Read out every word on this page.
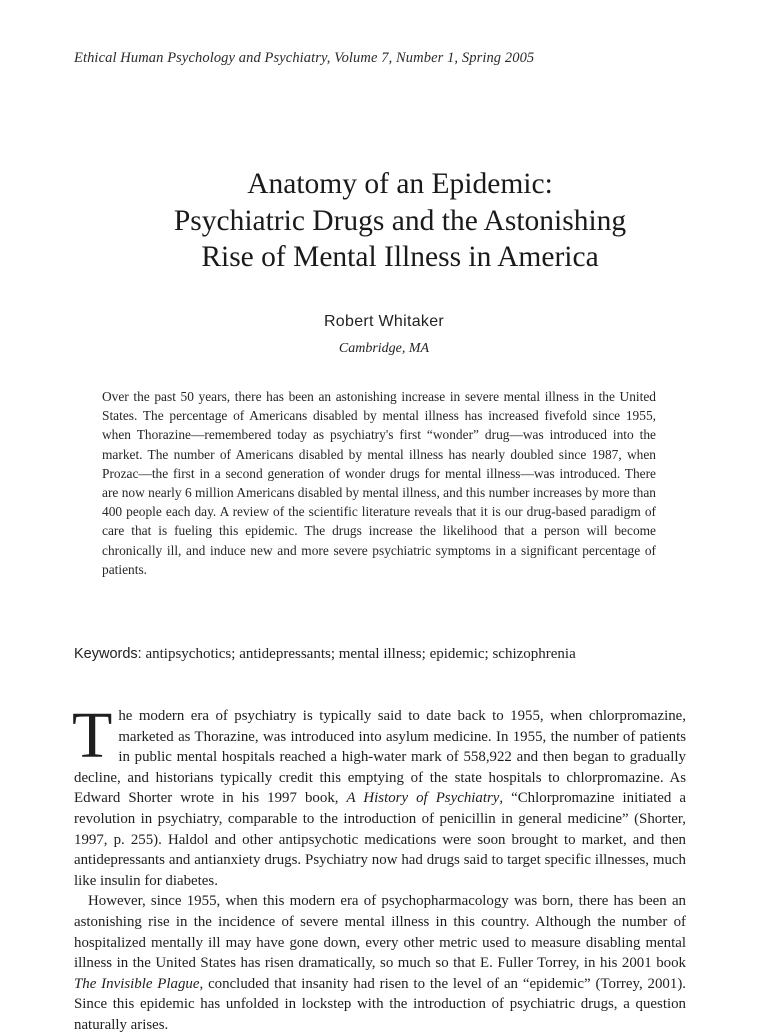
Ethical Human Psychology and Psychiatry, Volume 7, Number 1, Spring 2005
Anatomy of an Epidemic:
Psychiatric Drugs and the Astonishing
Rise of Mental Illness in America
Robert Whitaker
Cambridge, MA

Over the past 50 years, there has been an astonishing increase in severe mental illness in the United States. The percentage of Americans disabled by mental illness has increased fivefold since 1955, when Thorazine—remembered today as psychiatry's first “wonder” drug—was introduced into the market. The number of Americans disabled by mental illness has nearly doubled since 1987, when Prozac—the first in a second generation of wonder drugs for mental illness—was introduced. There are now nearly 6 million Americans disabled by mental illness, and this number increases by more than 400 people each day. A review of the scientific literature reveals that it is our drug-based paradigm of care that is fueling this epidemic. The drugs increase the likelihood that a person will become chronically ill, and induce new and more severe psychiatric symptoms in a significant percentage of patients.

Keywords: antipsychotics; antidepressants; mental illness; epidemic; schizophrenia

The modern era of psychiatry is typically said to date back to 1955, when chlorpromazine, marketed as Thorazine, was introduced into asylum medicine. In 1955, the number of patients in public mental hospitals reached a high-water mark of 558,922 and then began to gradually decline, and historians typically credit this emptying of the state hospitals to chlorpromazine. As Edward Shorter wrote in his 1997 book, A History of Psychiatry, “Chlorpromazine initiated a revolution in psychiatry, comparable to the introduction of penicillin in general medicine” (Shorter, 1997, p. 255). Haldol and other antipsychotic medications were soon brought to market, and then antidepressants and antianxiety drugs. Psychiatry now had drugs said to target specific illnesses, much like insulin for diabetes.

However, since 1955, when this modern era of psychopharmacology was born, there has been an astonishing rise in the incidence of severe mental illness in this country. Although the number of hospitalized mentally ill may have gone down, every other metric used to measure disabling mental illness in the United States has risen dramatically, so much so that E. Fuller Torrey, in his 2001 book The Invisible Plague, concluded that insanity had risen to the level of an “epidemic” (Torrey, 2001). Since this epidemic has unfolded in lockstep with the introduction of psychiatric drugs, a question naturally arises.
